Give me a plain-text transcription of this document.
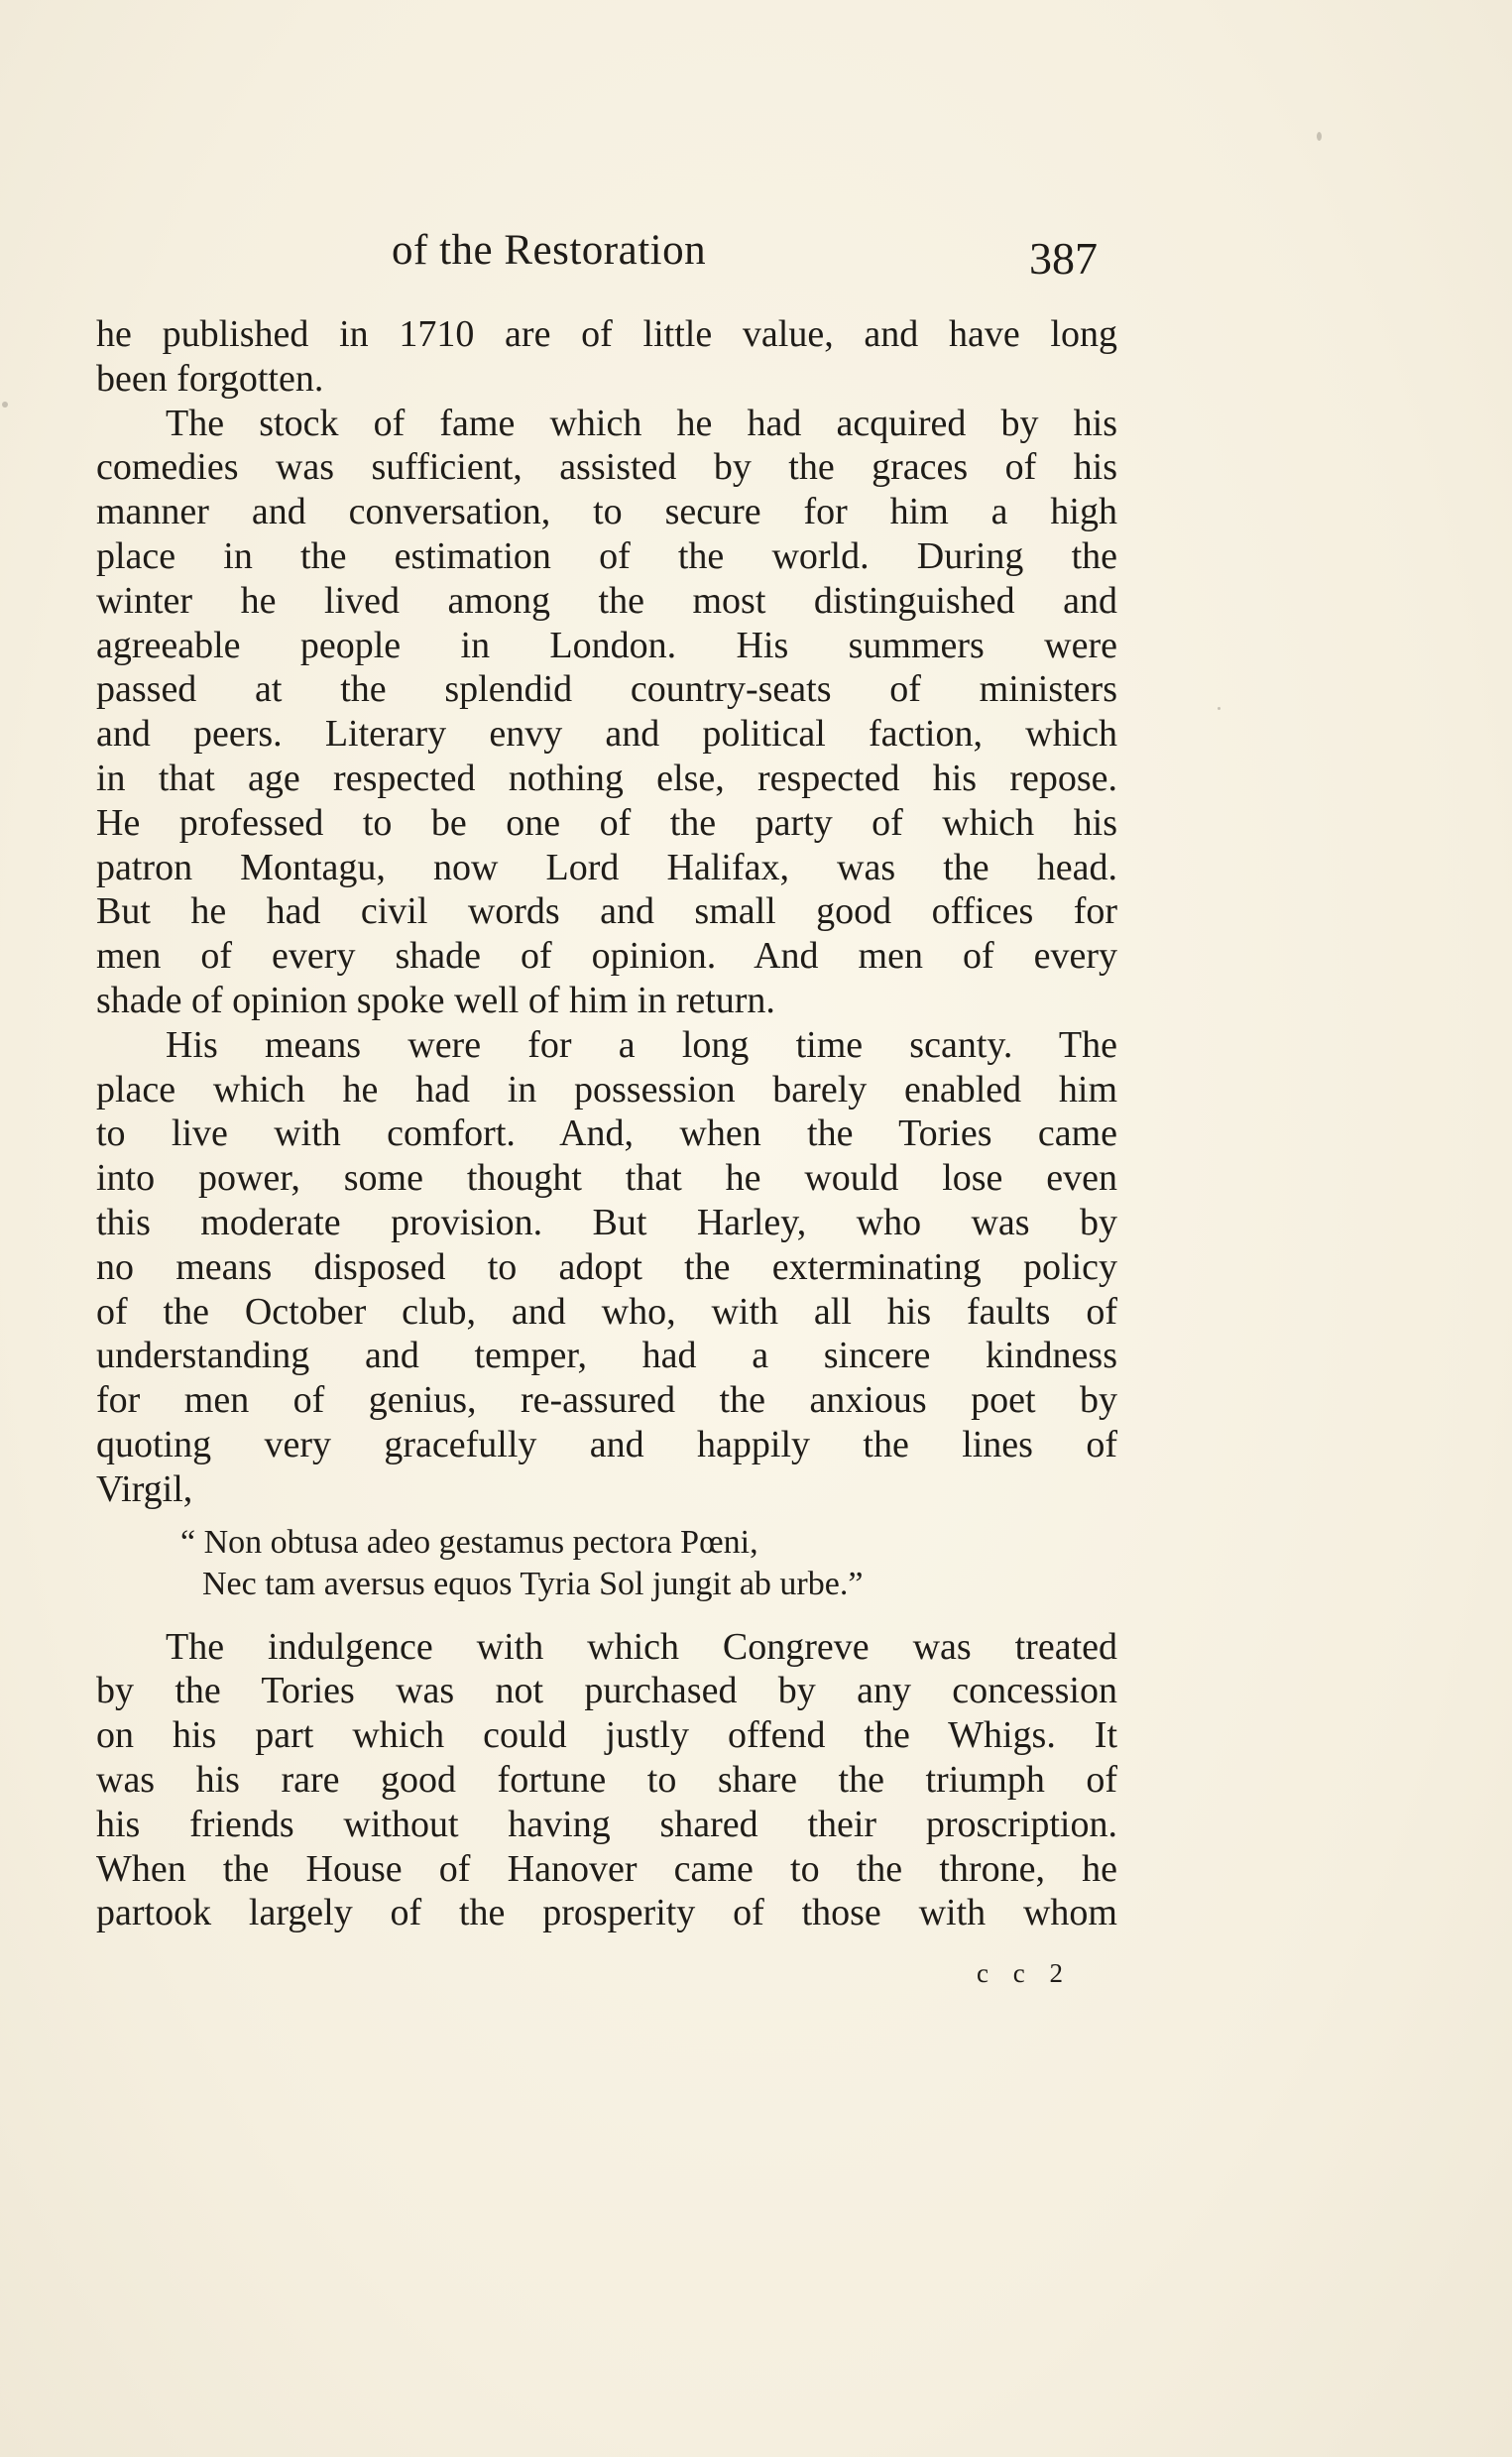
of the Restoration	387
he published in 1710 are of little value, and have long
been forgotten.
The stock of fame which he had acquired by his
comedies was sufficient, assisted by the graces of his
manner and conversation, to secure for him a high
place in the estimation of the world. During the
winter he lived among the most distinguished and
agreeable people in London. His summers were
passed at the splendid country-seats of ministers
and peers. Literary envy and political faction, which
in that age respected nothing else, respected his repose.
He professed to be one of the party of which his
patron Montagu, now Lord Halifax, was the head.
But he had civil words and small good offices for
men of every shade of opinion. And men of every
shade of opinion spoke well of him in return.
His means were for a long time scanty. The
place which he had in possession barely enabled him
to live with comfort. And, when the Tories came
into power, some thought that he would lose even
this moderate provision. But Harley, who was by
no means disposed to adopt the exterminating policy
of the October club, and who, with all his faults of
understanding and temper, had a sincere kindness
for men of genius, re-assured the anxious poet by
quoting very gracefully and happily the lines of
Virgil,
“ Non obtusa adeo gestamus pectora Pœni,
Nec tam aversus equos Tyria Sol jungit ab urbe.”
The indulgence with which Congreve was treated
by the Tories was not purchased by any concession
on his part which could justly offend the Whigs. It
was his rare good fortune to share the triumph of
his friends without having shared their proscription.
When the House of Hanover came to the throne, he
partook largely of the prosperity of those with whom
c c 2
